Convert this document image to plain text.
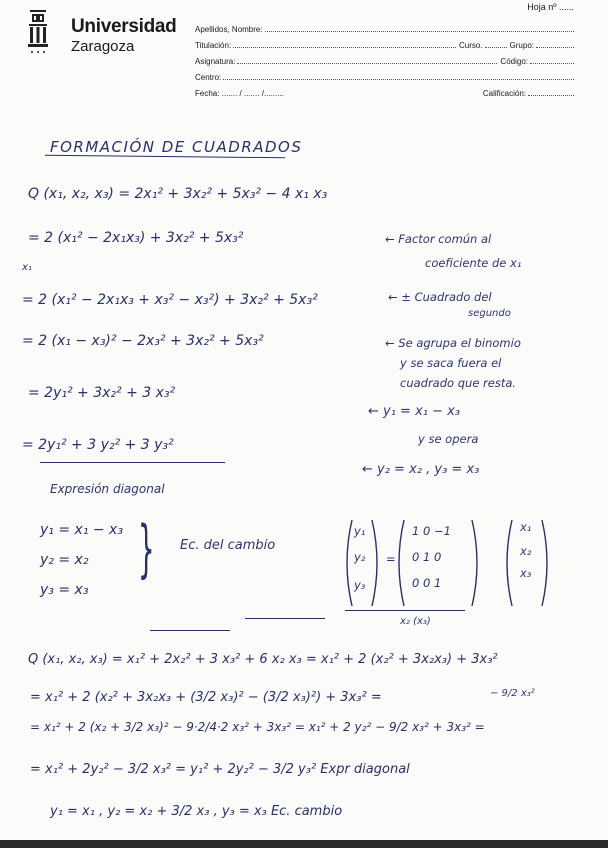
Universidad
Zaragoza
Hoja nº ......
Apellidos, Nombre:
Titulación:	Curso.	Grupo:
Asignatura:	Código:
Centro:
Fecha: ....... / ....... /.........	Calificación:
FORMACIÓN DE CUADRADOS
Q (x₁, x₂, x₃) = 2x₁² + 3x₂² + 5x₃² − 4 x₁ x₃
= 2 (x₁² − 2x₁x₃) + 3x₂² + 5x₃²
x₁
= 2 (x₁² − 2x₁x₃ + x₃² − x₃²) + 3x₂² + 5x₃²
= 2 (x₁ − x₃)² − 2x₃² + 3x₂² + 5x₃²
= 2y₁² + 3x₂² + 3 x₃²
= 2y₁² + 3 y₂² + 3 y₃²
Expresión diagonal
← Factor común al
coeficiente de x₁
← ± Cuadrado del
segundo
← Se agrupa el binomio
y se saca fuera el
cuadrado que resta.
← y₁ = x₁ − x₃
y se opera
← y₂ = x₂ , y₃ = x₃
y₁ = x₁ − x₃
y₂ = x₂
y₃ = x₃
} Ec. del cambio
y₁
y₂
y₃
=
1 0 −1
0 1 0
0 0 1
x₁
x₂
x₃
x₂ (x₃)
Q (x₁, x₂, x₃) = x₁² + 2x₂² + 3 x₃² + 6 x₂ x₃ = x₁² + 2 (x₂² + 3x₂x₃) + 3x₃²
= x₁² + 2 (x₂² + 3x₂x₃ + (3/2 x₃)² − (3/2 x₃)²) + 3x₃² =	− 9/2 x₃²
= x₁² + 2 (x₂ + 3/2 x₃)² − 9·2/4·2 x₃² + 3x₃² = x₁² + 2 y₂² − 9/2 x₃² + 3x₃² =
= x₁² + 2y₂² − 3/2 x₃² = y₁² + 2y₂² − 3/2 y₃² Expr diagonal
y₁ = x₁ , y₂ = x₂ + 3/2 x₃ , y₃ = x₃ Ec. cambio
